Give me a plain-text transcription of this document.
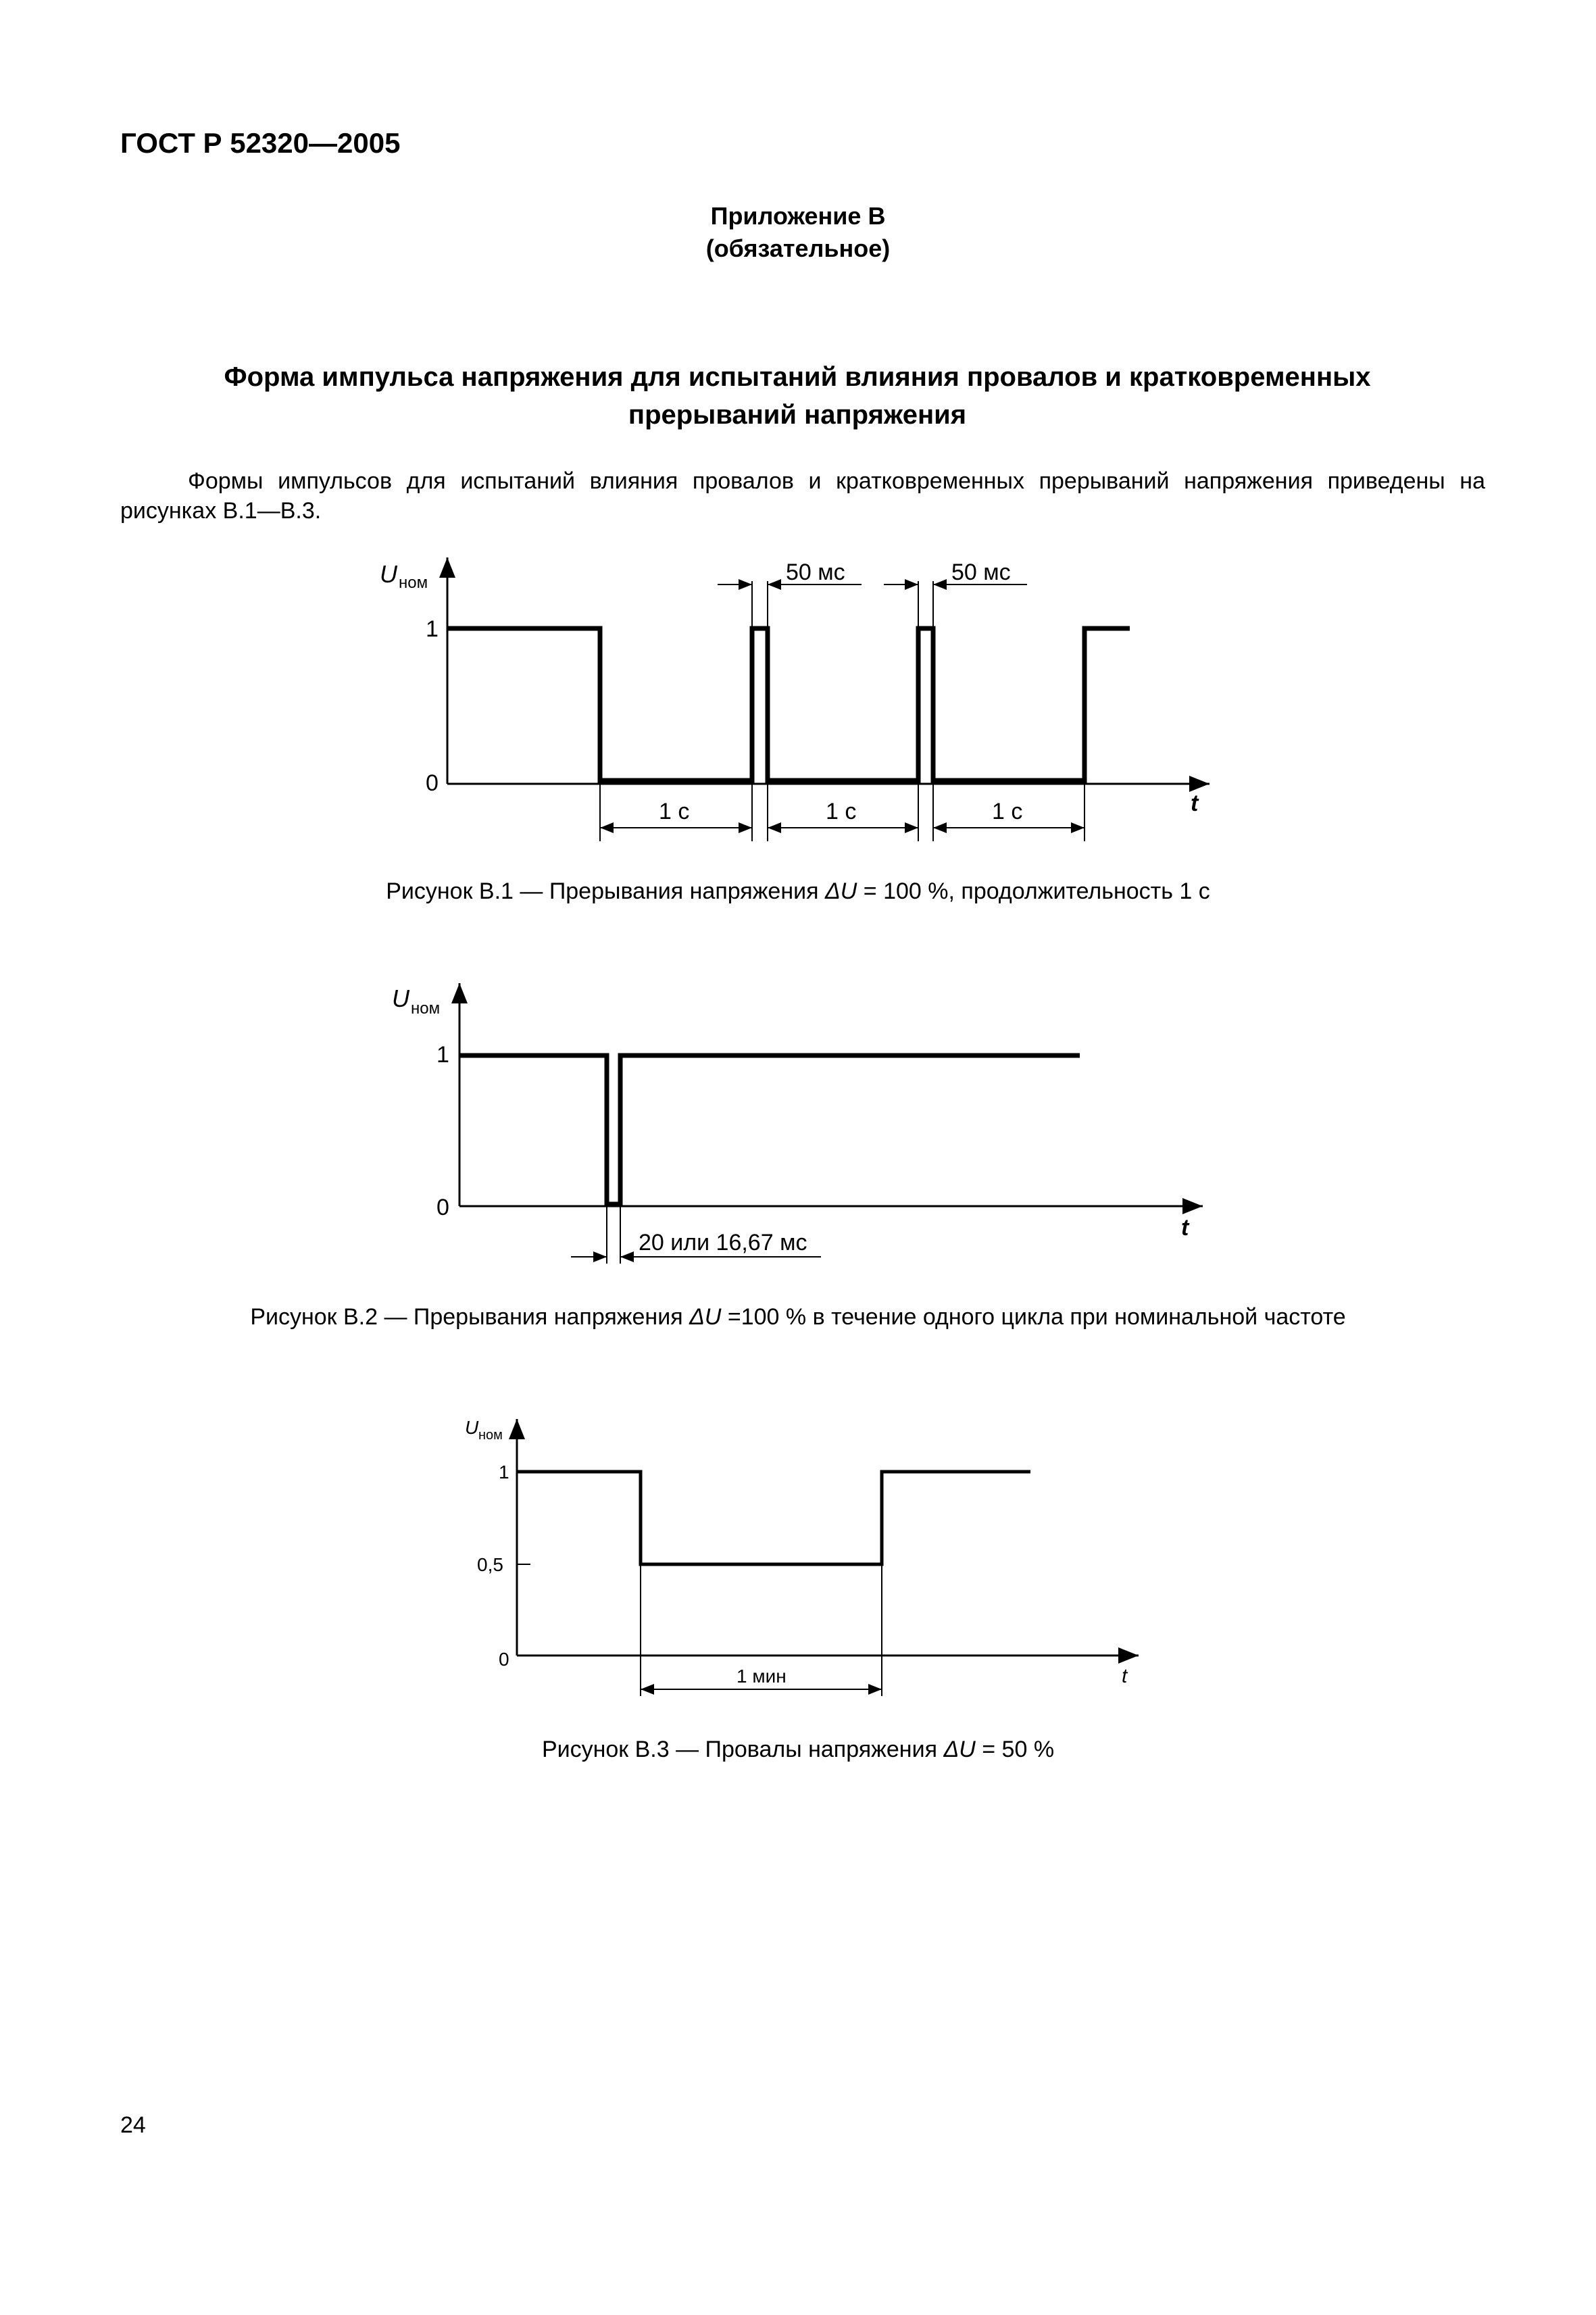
ГОСТ Р 52320—2005
Приложение В
(обязательное)
Форма импульса напряжения для испытаний влияния провалов и кратковременных
прерываний напряжения
Формы импульсов для испытаний влияния провалов и кратковременных прерываний напряжения приведены на рисунках В.1—В.3.
U ном
1
0
t
50 мс	50 мс
1 с	1 с	1 с
U ном
1
0
t
20 или 16,67 мс
U ном
1
0,5
0
t
1 мин
Рисунок В.1 — Прерывания напряжения ΔU = 100 %, продолжительность 1 с
Рисунок В.2 — Прерывания напряжения ΔU =100 % в течение одного цикла при номинальной частоте
Рисунок В.3 — Провалы напряжения ΔU = 50 %
24
